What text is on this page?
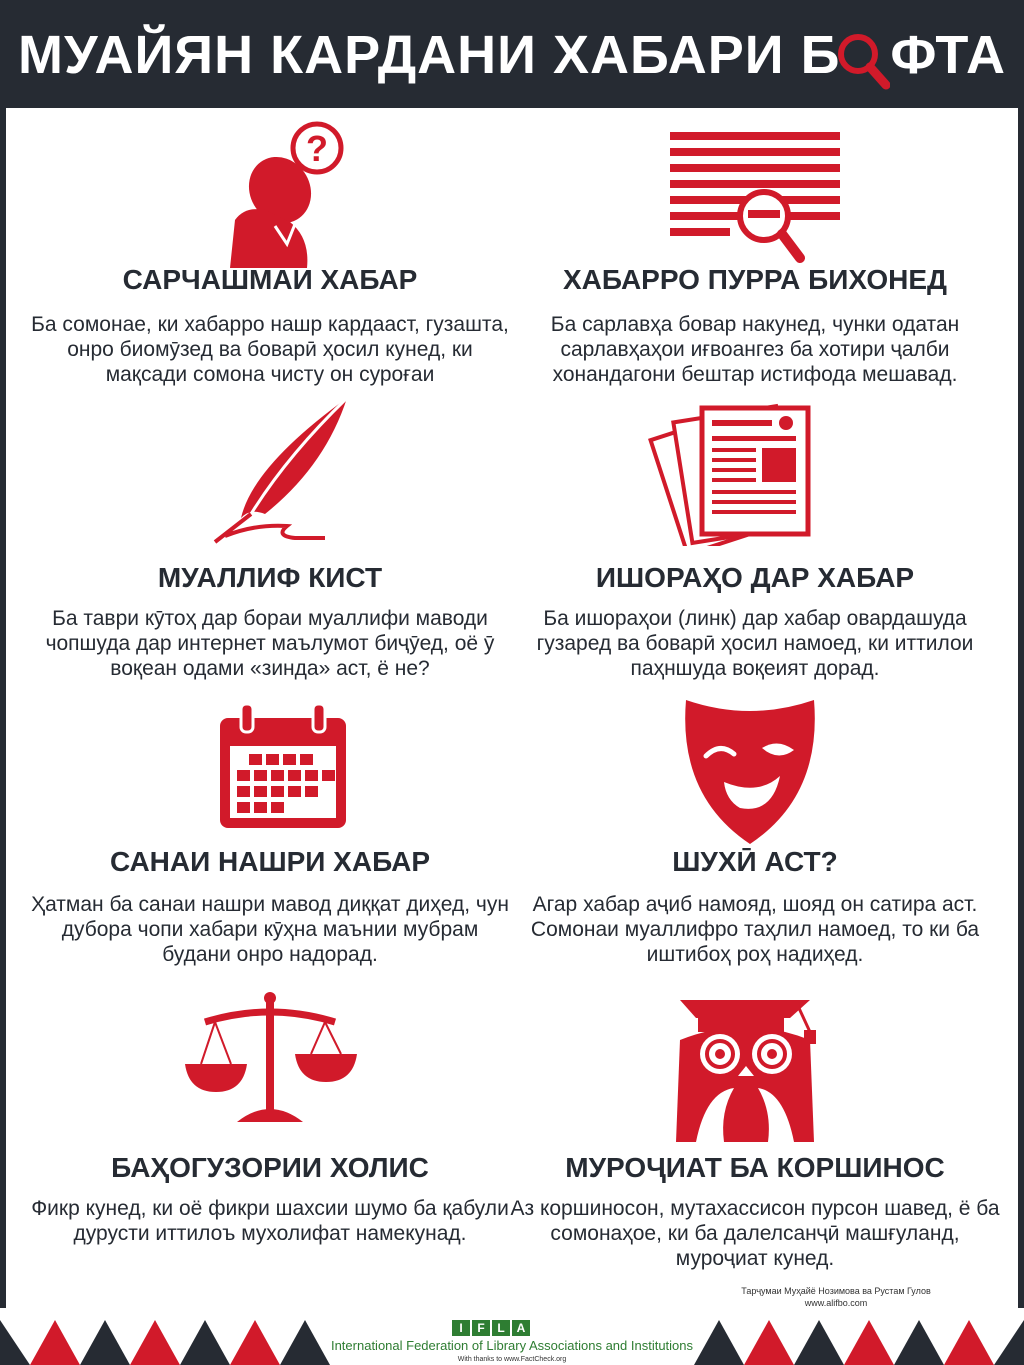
МУАЙЯН КАРДАНИ ХАБАРИ Б ФТА
?
САРЧАШМАИ ХАБАР

Ба сомонае, ки хабарро нашр кардааст, гузашта, онро биомӯзед ва боварӣ ҳосил кунед, ки мақсади сомона чисту он суроғаи

ХАБАРРО ПУРРА БИХОНЕД

Ба сарлавҳа бовар накунед, чунки одатан сарлавҳаҳои иғвоангез ба хотири ҷалби хонандагони бештар истифода мешавад.

МУАЛЛИФ КИСТ

Ба таври кӯтоҳ дар бораи муаллифи маводи чопшуда дар интернет маълумот биҷӯед, оё ӯ воқеан одами «зинда» аст, ё не?

ИШОРАҲО ДАР ХАБАР

Ба ишораҳои (линк) дар хабар овардашуда гузаред ва боварӣ ҳосил намоед, ки иттилои паҳншуда воқеият дорад.

САНАИ НАШРИ ХАБАР

Ҳатман ба санаи нашри мавод диққат диҳед, чун дубора чопи хабари кӯҳна маънии мубрам будани онро надорад.

ШУХӢ АСТ?

Агар хабар аҷиб намояд, шояд он сатира аст. Сомонаи муаллифро таҳлил намоед, то ки ба иштибоҳ роҳ надиҳед.

БАҲОГУЗОРИИ ХОЛИС

Фикр кунед, ки оё фикри шахсии шумо ба қабули дурусти иттилоъ мухолифат намекунад.

МУРОҶИАТ БА КОРШИНОС

Аз коршиносон, мутахассисон пурсон шавед, ё ба сомонаҳое, ки ба далелсанҷӣ машғуланд, муроҷиат кунед.

Тарҷумаи Муҳайё Нозимова ва Рустам Гулов
www.alifbo.com
I	F	L A
International Federation of Library Associations and Institutions
With thanks to www.FactCheck.org
